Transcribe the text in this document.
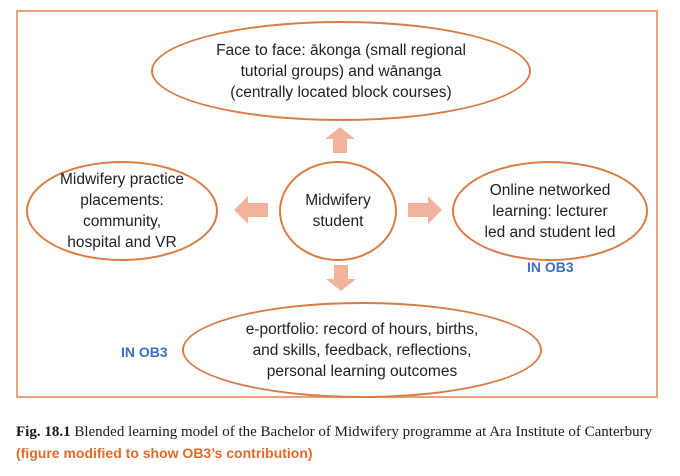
Face to face: ākonga (small regional
tutorial groups) and wānanga
(centrally located block courses)
Midwifery
student
Midwifery practice
placements:
community,
hospital and VR
Online networked
learning: lecturer
led and student led
e-portfolio: record of hours, births,
and skills, feedback, reflections,
personal learning outcomes
IN OB3
IN OB3
Fig. 18.1 Blended learning model of the Bachelor of Midwifery programme at Ara Institute of Canterbury (figure modified to show OB3’s contribution)
